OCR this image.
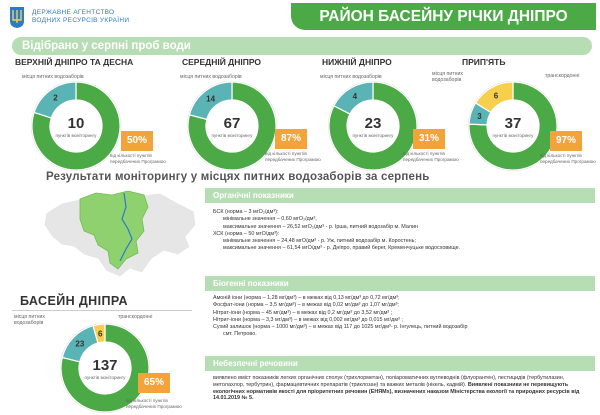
ДЕРЖАВНЕ АГЕНТСТВО
ВОДНИХ РЕСУРСІВ УКРАЇНИ	РАЙОН БАСЕЙНУ РІЧКИ ДНІПРО
Відібрано у серпні проб води
ВЕРХНІЙ ДНІПРО ТА ДЕСНА
місця питних водозаборів
2
10
пунктів моніторингу	50%
від кількості пунктів передбачених Програмою
СЕРЕДНІЙ ДНІПРО
місця питних водозаборів
14
67
пунктів моніторингу	87%
від кількості пунктів передбачених Програмою
НИЖНІЙ ДНІПРО
місця питних водозаборів
4
23
пунктів моніторингу	31%
від кількості пунктів передбачених Програмою
ПРИП'ЯТЬ
місця питних водозаборів
транскордонні
3
6
37
пунктів моніторингу	97%
від кількості пунктів передбачених Програмою
Результати моніторингу у місцях питних водозаборів за серпень
Органічні показники
БСК (норма – 3 мгО₂/дм³):
мінімальне значення – 0,60 мгО₂/дм³,
максимальне значення – 26,52 мгО₂/дм³ - р. Ірша, питний водозабір м. Малин
ХСК (норма – 50 мгО/дм³):
мінімальне значення – 24,48 мгО/дм³ - р. Уж, питний водозабір м. Коростень;
максимальне значення – 61,54 мгО/дм³ - р. Дніпро, правий берег, Кременчуцьке водосховище.
Біогенні показники
Амоній іони (норма – 1,28 мг/дм³) – в межах від 0,13 мг/дм³ до 0,72 мг/дм³;
Фосфат-іони (норма – 3,5 мг/дм³) – в межах від 0,02 мг/дм³ до 1,07 мг/дм³;
Нітрат-іони (норма – 45 мг/дм³) – в межах від 0,2 мг/дм³ до 3,52 мг/дм³ ;
Нітрит-іони (норма – 3,3 мг/дм³) – в межах від 0,002 мг/дм³ до 0,015 мг/дм³ ;
Сухий залишок (норма – 1000 мг/дм³) – в межах від 117 до 1025 мг/дм³- р. Інгулець, питний водозабір
смт. Петрово.
Небезпечні речовини
виявлено вміст показників легких органічних сполук (трихлорметан), поліароматичних вуглеводнів (флуорантен), пестицидів (тербутилазин, метолахлор, тербутрин), фармацевтичних препаратів (триклозан) та важких металів (нікель, кадмій). Виявлені показники не перевищують екологічних нормативів якості для пріоритетних речовин (ЕНЯМх), визначених наказом Міністерства екології та природних ресурсів від 14.01.2019 № 5.
БАСЕЙН ДНІПРА
місця питних водозаборів
транскордонні
23
6
137
пунктів моніторингу	65%
від кількості пунктів передбачених Програмою
